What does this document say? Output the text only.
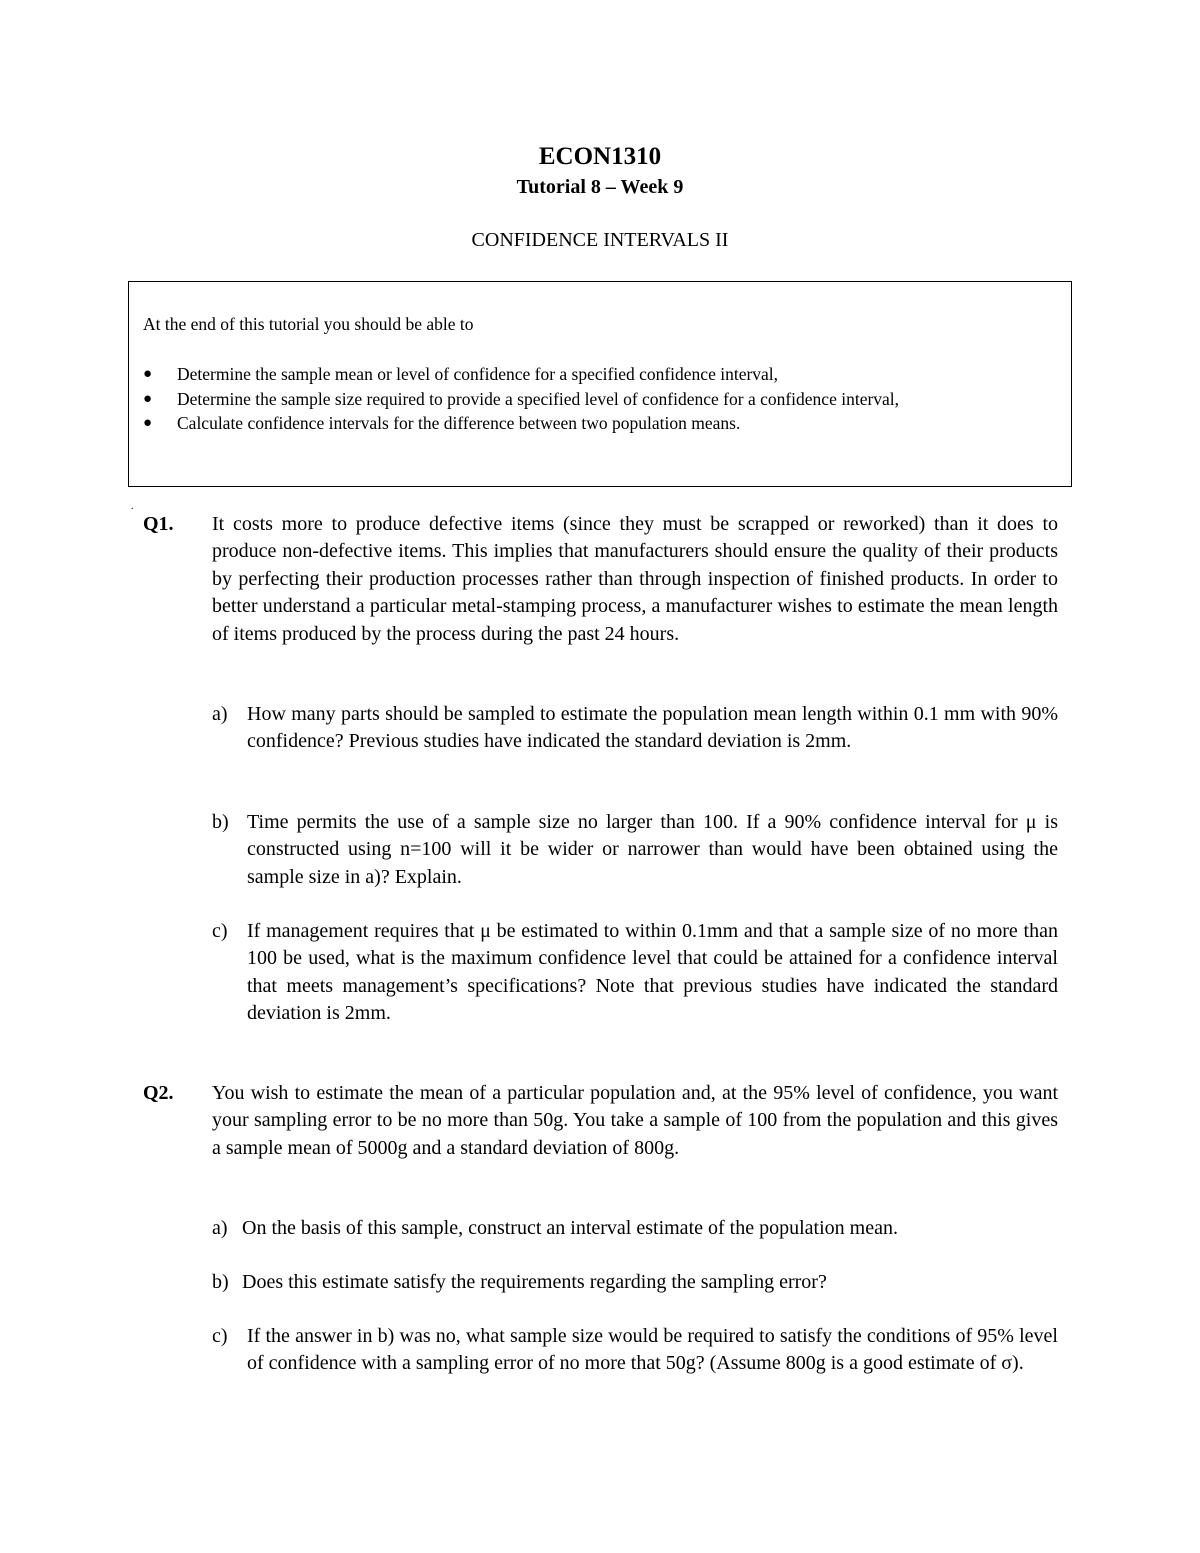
ECON1310
Tutorial 8 – Week 9
CONFIDENCE INTERVALS II
At the end of this tutorial you should be able to
● Determine the sample mean or level of confidence for a specified confidence interval,
● Determine the sample size required to provide a specified level of confidence for a confidence interval,
● Calculate confidence intervals for the difference between two population means.
.
Q1. It costs more to produce defective items (since they must be scrapped or reworked) than it does to produce non-defective items. This implies that manufacturers should ensure the quality of their products by perfecting their production processes rather than through inspection of finished products. In order to better understand a particular metal-stamping process, a manufacturer wishes to estimate the mean length of items produced by the process during the past 24 hours.
a) How many parts should be sampled to estimate the population mean length within 0.1 mm with 90% confidence? Previous studies have indicated the standard deviation is 2mm.
b) Time permits the use of a sample size no larger than 100. If a 90% confidence interval for μ is constructed using n=100 will it be wider or narrower than would have been obtained using the sample size in a)? Explain.
c) If management requires that μ be estimated to within 0.1mm and that a sample size of no more than 100 be used, what is the maximum confidence level that could be attained for a confidence interval that meets management’s specifications? Note that previous studies have indicated the standard deviation is 2mm.
Q2. You wish to estimate the mean of a particular population and, at the 95% level of confidence, you want your sampling error to be no more than 50g. You take a sample of 100 from the population and this gives a sample mean of 5000g and a standard deviation of 800g.
a) On the basis of this sample, construct an interval estimate of the population mean.
b) Does this estimate satisfy the requirements regarding the sampling error?
c) If the answer in b) was no, what sample size would be required to satisfy the conditions of 95% level of confidence with a sampling error of no more that 50g? (Assume 800g is a good estimate of σ).
